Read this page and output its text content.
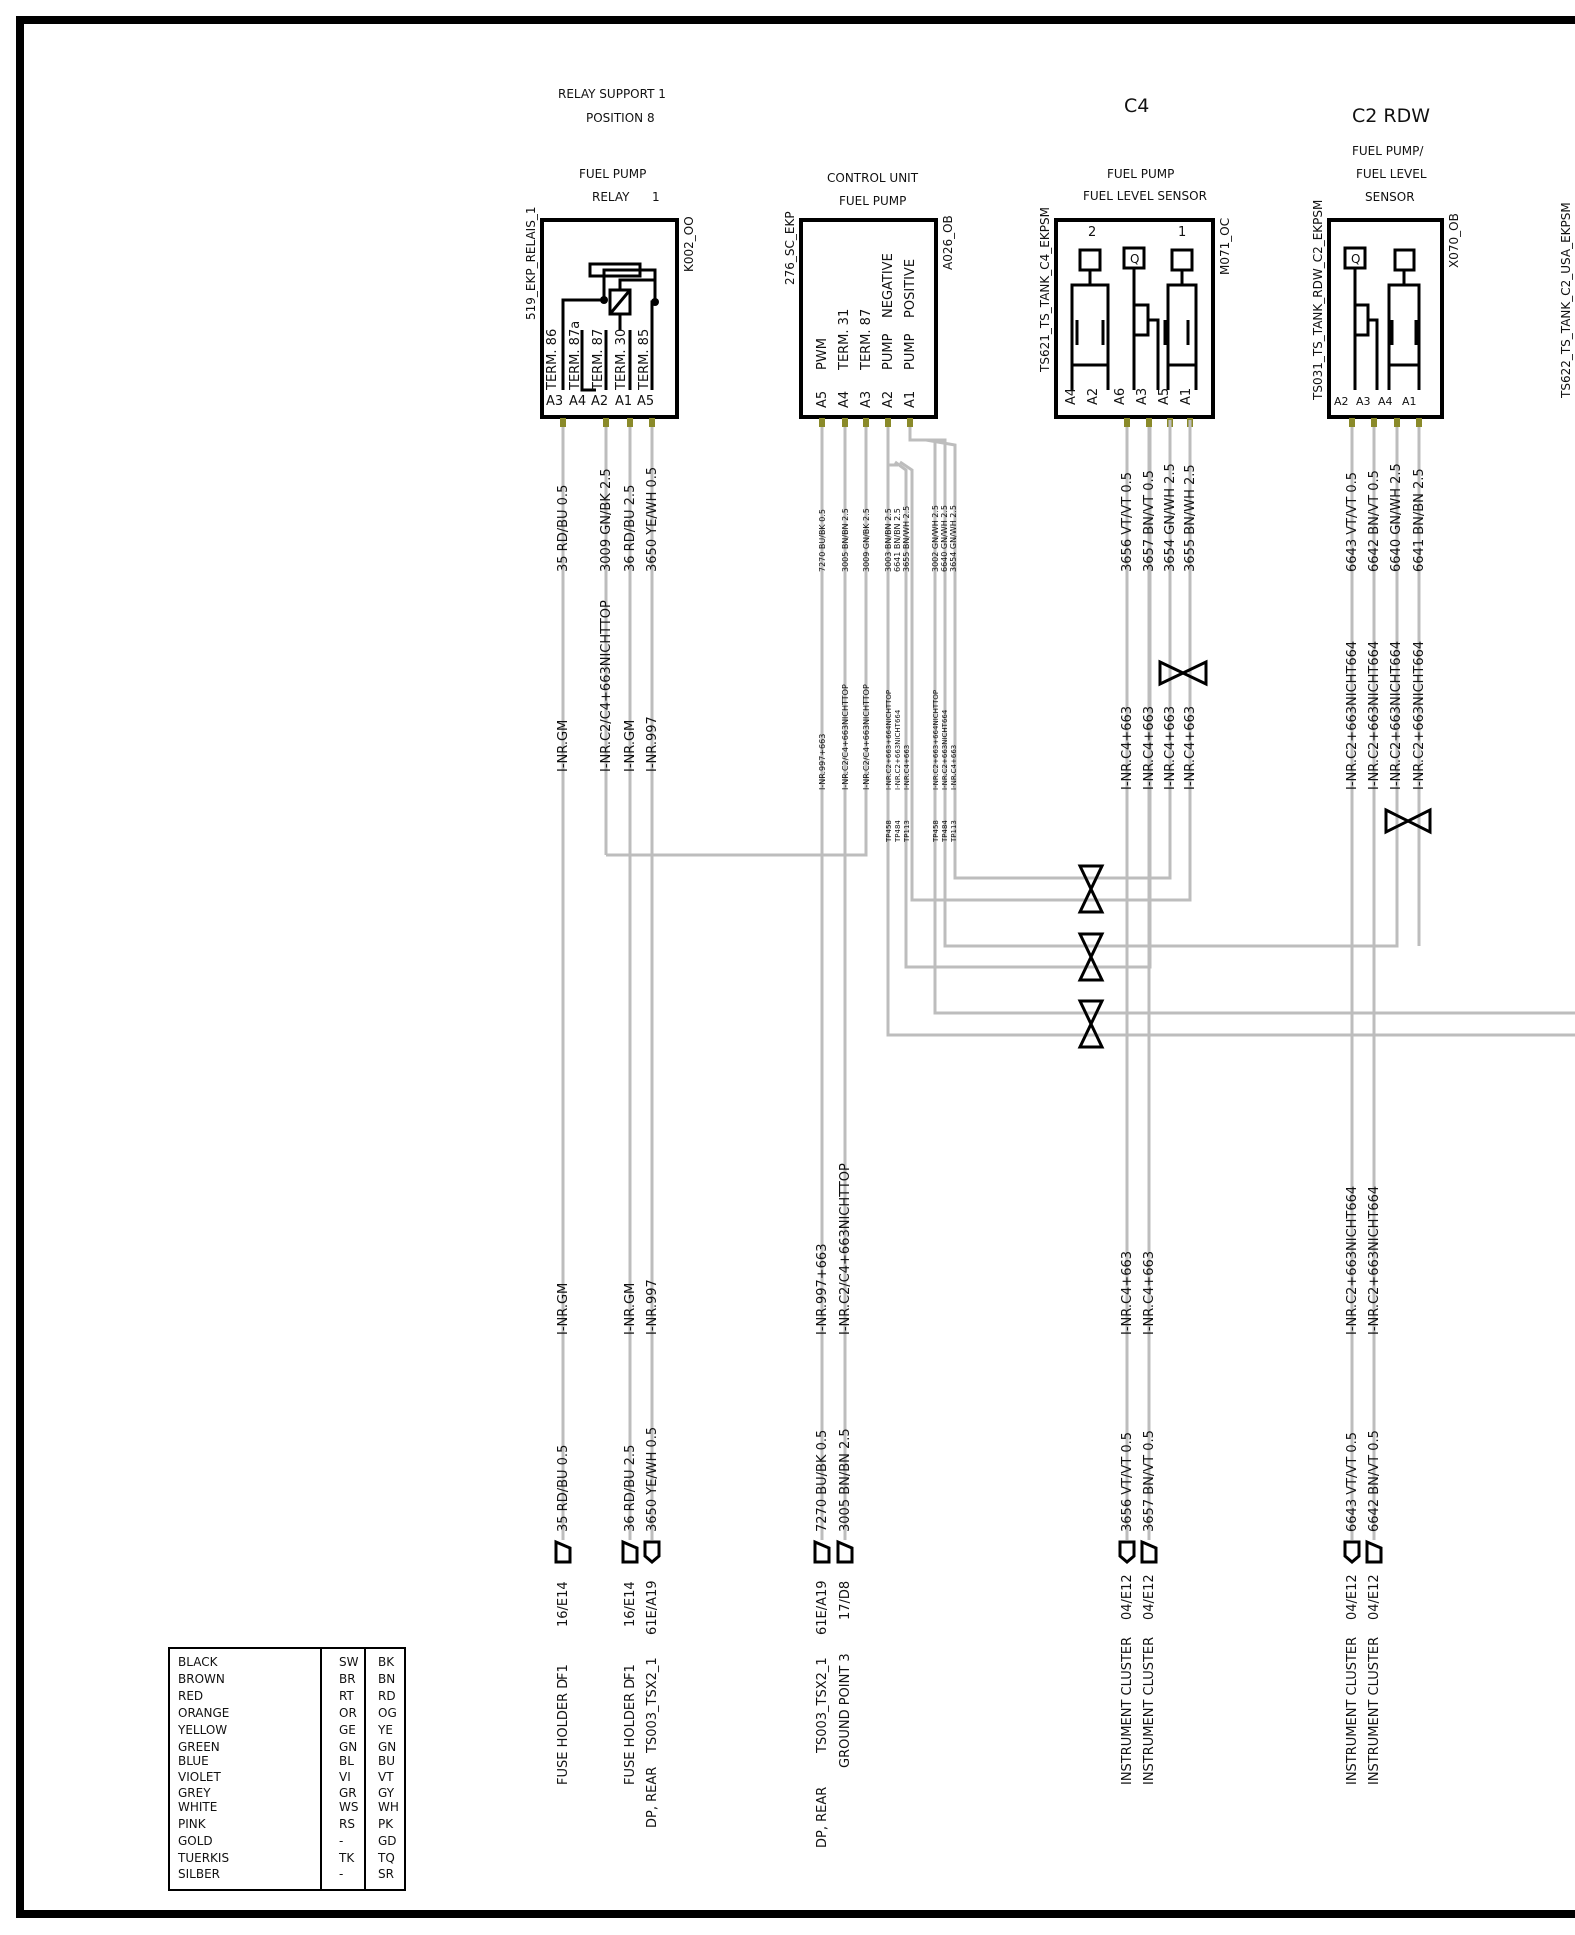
RELAY SUPPORT 1
POSITION 8
FUEL PUMP
RELAY 1
519_EKP_RELAIS_1	K002_OO
TERM. 86 TERM. 87a TERM. 87 TERM. 30 TERM. 85
A3 A4 A2 A1 A5
CONTROL UNIT
FUEL PUMP
276_SC_EKP	A026_OB
PWM TERM. 31 TERM. 87 PUMP PUMP
NEGATIVE POSITIVE
A5 A4 A3 A2 A1
C4
FUEL PUMP
FUEL LEVEL SENSOR
TS621_TS_TANK_C4_EKPSM	M071_OC
2	1
Q
A4 A2 A6 A3 A5 A1
C2 RDW
FUEL PUMP/
FUEL LEVEL
SENSOR
TS031_TS_TANK_RDW_C2_EKPSM	X070_OB
Q
A2 A3 A4 A1
TS622_TS_TANK_C2_USA_EKPSM
35 RD/BU 0.5 3009 GN/BK 2.5 36 RD/BU 2.5 3650 YE/WH 0.5
I-NR.GM I-NR.C2/C4+663NICHTTOP I-NR.GM I-NR.997
I-NR.GM	I-NR.GM I-NR.997
35 RD/BU 0.5	36 RD/BU 2.5 3650 YE/WH 0.5
7270 BU/BK 0.5 3005 BN/BN 2.5 3009 GN/BK 2.5 3003 BN/BN 2.5 6641 BN/BN 2.5 3655 BN/WH 2.5	3002 GN/WH 2.5 6640 GN/WH 2.5 3654 GN/WH 2.5
I-NR.997+663 I-NR.C2/C4+663NICHTTOP I-NR.C2/C4+663NICHTTOP I-NR.C2+663+664NICHTTOP I-NR.C2+663NICHT664 I-NR.C4+663	I-NR.C2+663+664NICHTTOP I-NR.C2+663NICHT664 I-NR.C4+663
TP458 TP484 TP113	TP458 TP484 TP113
I-NR.997+663 I-NR.C2/C4+663NICHTTOP
7270 BU/BK 0.5 3005 BN/BN 2.5
3656 VT/VT 0.5 3657 BN/VT 0.5 3654 GN/WH 2.5 3655 BN/WH 2.5
I-NR.C4+663 I-NR.C4+663 I-NR.C4+663 I-NR.C4+663
I-NR.C4+663 I-NR.C4+663
3656 VT/VT 0.5 3657 BN/VT 0.5
6643 VT/VT 0.5 6642 BN/VT 0.5 6640 GN/WH 2.5 6641 BN/BN 2.5
I-NR.C2+663NICHT664 I-NR.C2+663NICHT664 I-NR.C2+663NICHT664 I-NR.C2+663NICHT664
I-NR.C2+663NICHT664 I-NR.C2+663NICHT664
6643 VT/VT 0.5 6642 BN/VT 0.5
16/E14	16/E14 61E/A19	61E/A19 17/D8	04/E12 04/E12	04/E12 04/E12
F1	F1
FUSE HOLDER D	FUSE HOLDER D TS003_TSX2_1	TS003_TSX2_1 GROUND POINT 3	INSTRUMENT CLUSTER INSTRUMENT CLUSTER	INSTRUMENT CLUSTER INSTRUMENT CLUSTER
DP, REAR	DP, REAR
BLACK	SW BK
BROWN	BR BN
RED	RT RD
ORANGE	OR OG
YELLOW	GE YE
GREEN	GN GN
BLUE	BL BU
VIOLET	VI VT
GREY	GR GY
WHITE	WS WH
PINK	RS PK
GOLD	-	GD
TUERKIS	TK TQ
SILBER	-	SR
